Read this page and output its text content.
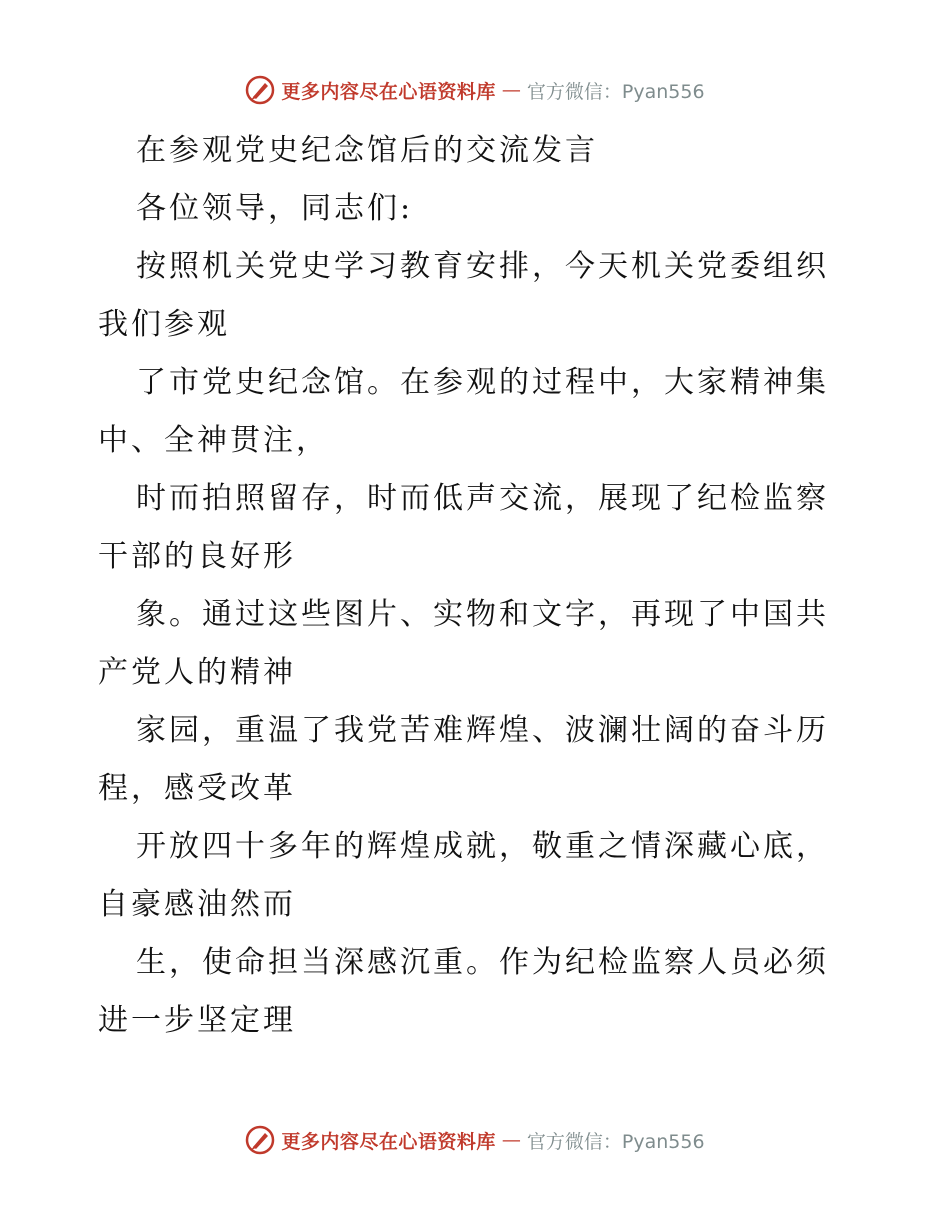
更多内容尽在心语资料库 — 官方微信：Pyan556

在参观党史纪念馆后的交流发言

各位领导，同志们:

按照机关党史学习教育安排，今天机关党委组织我们参观

了市党史纪念馆。在参观的过程中，大家精神集中、全神贯注，

时而拍照留存，时而低声交流，展现了纪检监察干部的良好形

象。通过这些图片、实物和文字，再现了中国共产党人的精神

家园，重温了我党苦难辉煌、波澜壮阔的奋斗历程，感受改革

开放四十多年的辉煌成就，敬重之情深藏心底，自豪感油然而

生，使命担当深感沉重。作为纪检监察人员必须进一步坚定理

更多内容尽在心语资料库 — 官方微信：Pyan556
